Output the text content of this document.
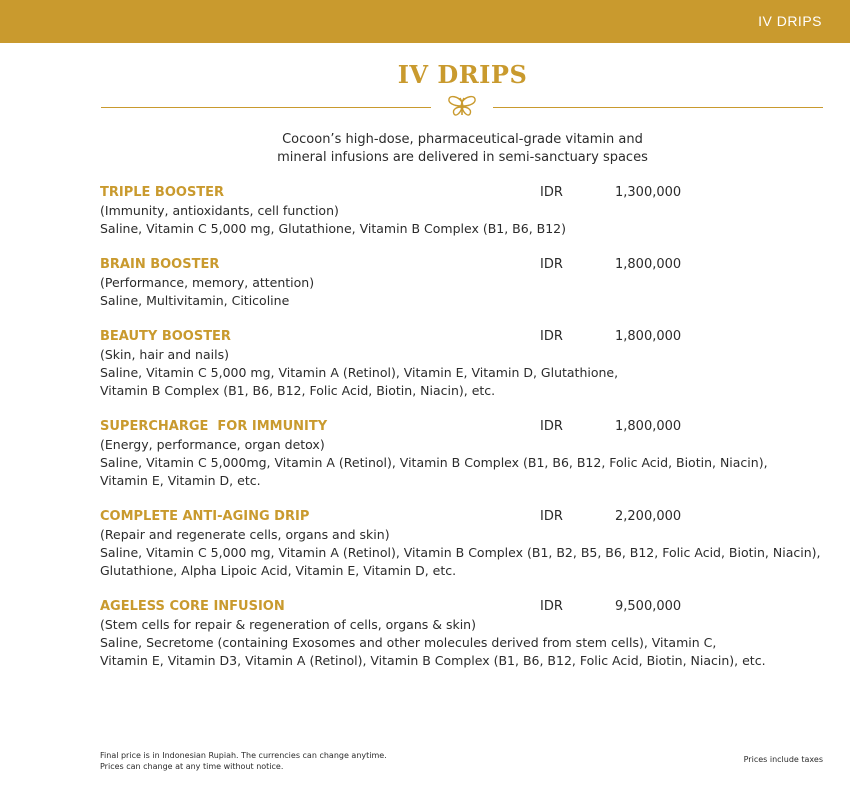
IV DRIPS
IV DRIPS
Cocoon’s high-dose, pharmaceutical-grade vitamin and
mineral infusions are delivered in semi-sanctuary spaces
TRIPLE BOOSTER	IDR	1,300,000
(Immunity, antioxidants, cell function)
Saline, Vitamin C 5,000 mg, Glutathione, Vitamin B Complex (B1, B6, B12)
BRAIN BOOSTER	IDR	1,800,000
(Performance, memory, attention)
Saline, Multivitamin, Citicoline
BEAUTY BOOSTER	IDR	1,800,000
(Skin, hair and nails)
Saline, Vitamin C 5,000 mg, Vitamin A (Retinol), Vitamin E, Vitamin D, Glutathione,
Vitamin B Complex (B1, B6, B12, Folic Acid, Biotin, Niacin), etc.
SUPERCHARGE  FOR IMMUNITY	IDR	1,800,000
(Energy, performance, organ detox)
Saline, Vitamin C 5,000mg, Vitamin A (Retinol), Vitamin B Complex (B1, B6, B12, Folic Acid, Biotin, Niacin),
Vitamin E, Vitamin D, etc.
COMPLETE ANTI-AGING DRIP	IDR	2,200,000
(Repair and regenerate cells, organs and skin)
Saline, Vitamin C 5,000 mg, Vitamin A (Retinol), Vitamin B Complex (B1, B2, B5, B6, B12, Folic Acid, Biotin, Niacin),
Glutathione, Alpha Lipoic Acid, Vitamin E, Vitamin D, etc.
AGELESS CORE INFUSION	IDR	9,500,000
(Stem cells for repair & regeneration of cells, organs & skin)
Saline, Secretome (containing Exosomes and other molecules derived from stem cells), Vitamin C,
Vitamin E, Vitamin D3, Vitamin A (Retinol), Vitamin B Complex (B1, B6, B12, Folic Acid, Biotin, Niacin), etc.
Final price is in Indonesian Rupiah. The currencies can change anytime.
Prices can change at any time without notice.
Prices include taxes
